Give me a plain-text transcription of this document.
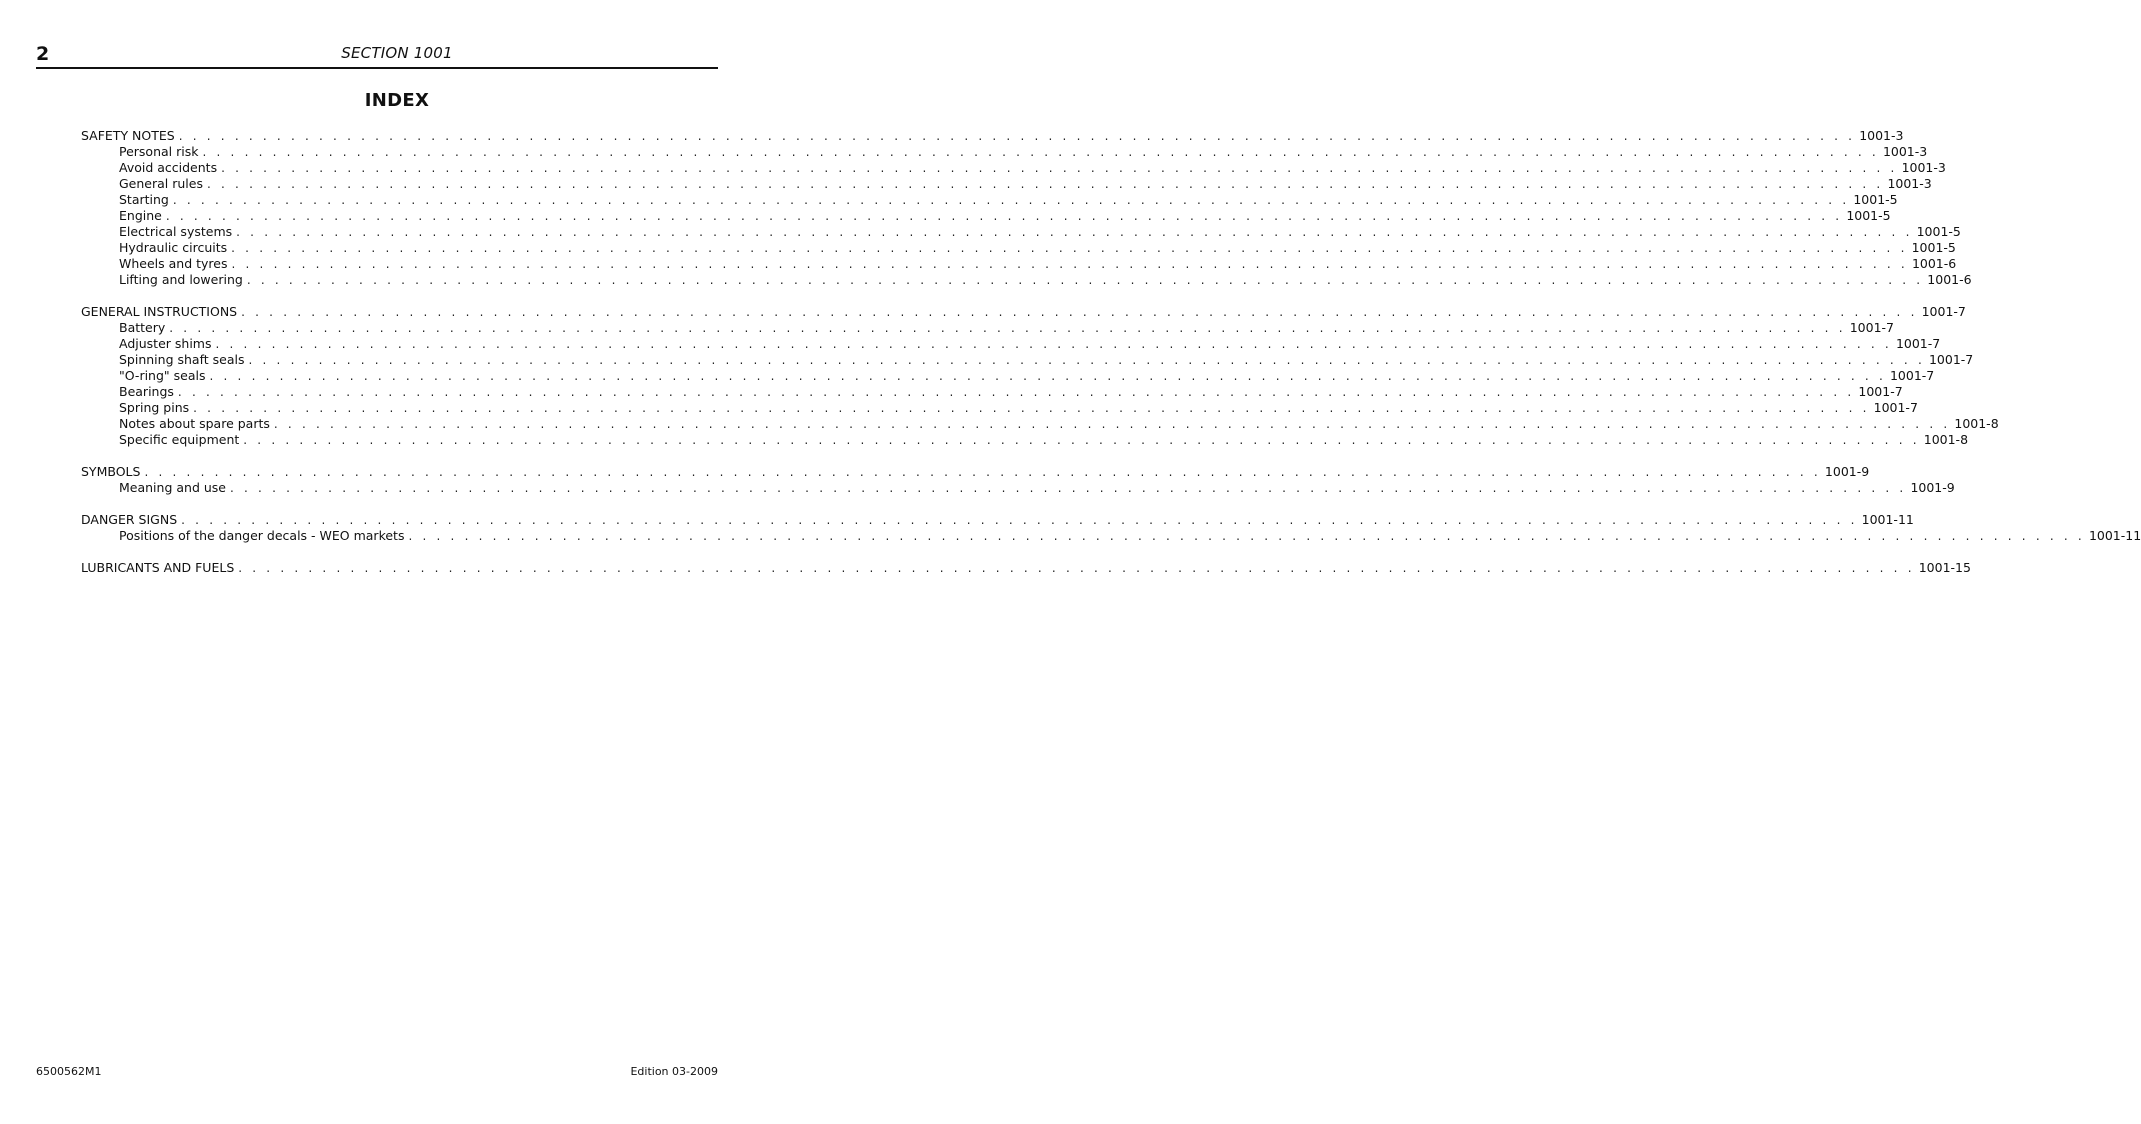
2	SECTION 1001
INDEX
SAFETY NOTES . . . . . . . . . . . . . . . . . . . . . . . . . . . . . . . . . . . . . . . . . . . . . . . . . . . . . . . . . . . . . . . . . . . . . . . . . . . . . . . . . . . . . . . . . . . . . . . . . . . . . . . . . . . . . . . . . . . . . . . . 1001-3
Personal risk . . . . . . . . . . . . . . . . . . . . . . . . . . . . . . . . . . . . . . . . . . . . . . . . . . . . . . . . . . . . . . . . . . . . . . . . . . . . . . . . . . . . . . . . . . . . . . . . . . . . . . . . . . . . . . . . . . . . . . . . 1001-3
Avoid accidents . . . . . . . . . . . . . . . . . . . . . . . . . . . . . . . . . . . . . . . . . . . . . . . . . . . . . . . . . . . . . . . . . . . . . . . . . . . . . . . . . . . . . . . . . . . . . . . . . . . . . . . . . . . . . . . . . . . . . . . . 1001-3
General rules . . . . . . . . . . . . . . . . . . . . . . . . . . . . . . . . . . . . . . . . . . . . . . . . . . . . . . . . . . . . . . . . . . . . . . . . . . . . . . . . . . . . . . . . . . . . . . . . . . . . . . . . . . . . . . . . . . . . . . . . 1001-3
Starting . . . . . . . . . . . . . . . . . . . . . . . . . . . . . . . . . . . . . . . . . . . . . . . . . . . . . . . . . . . . . . . . . . . . . . . . . . . . . . . . . . . . . . . . . . . . . . . . . . . . . . . . . . . . . . . . . . . . . . . . 1001-5
Engine . . . . . . . . . . . . . . . . . . . . . . . . . . . . . . . . . . . . . . . . . . . . . . . . . . . . . . . . . . . . . . . . . . . . . . . . . . . . . . . . . . . . . . . . . . . . . . . . . . . . . . . . . . . . . . . . . . . . . . . . 1001-5
Electrical systems . . . . . . . . . . . . . . . . . . . . . . . . . . . . . . . . . . . . . . . . . . . . . . . . . . . . . . . . . . . . . . . . . . . . . . . . . . . . . . . . . . . . . . . . . . . . . . . . . . . . . . . . . . . . . . . . . . . . . . . . 1001-5
Hydraulic circuits . . . . . . . . . . . . . . . . . . . . . . . . . . . . . . . . . . . . . . . . . . . . . . . . . . . . . . . . . . . . . . . . . . . . . . . . . . . . . . . . . . . . . . . . . . . . . . . . . . . . . . . . . . . . . . . . . . . . . . . . 1001-5
Wheels and tyres . . . . . . . . . . . . . . . . . . . . . . . . . . . . . . . . . . . . . . . . . . . . . . . . . . . . . . . . . . . . . . . . . . . . . . . . . . . . . . . . . . . . . . . . . . . . . . . . . . . . . . . . . . . . . . . . . . . . . . . . 1001-6
Lifting and lowering . . . . . . . . . . . . . . . . . . . . . . . . . . . . . . . . . . . . . . . . . . . . . . . . . . . . . . . . . . . . . . . . . . . . . . . . . . . . . . . . . . . . . . . . . . . . . . . . . . . . . . . . . . . . . . . . . . . . . . . . 1001-6
GENERAL INSTRUCTIONS . . . . . . . . . . . . . . . . . . . . . . . . . . . . . . . . . . . . . . . . . . . . . . . . . . . . . . . . . . . . . . . . . . . . . . . . . . . . . . . . . . . . . . . . . . . . . . . . . . . . . . . . . . . . . . . . . . . . . . . . 1001-7
Battery . . . . . . . . . . . . . . . . . . . . . . . . . . . . . . . . . . . . . . . . . . . . . . . . . . . . . . . . . . . . . . . . . . . . . . . . . . . . . . . . . . . . . . . . . . . . . . . . . . . . . . . . . . . . . . . . . . . . . . . . 1001-7
Adjuster shims . . . . . . . . . . . . . . . . . . . . . . . . . . . . . . . . . . . . . . . . . . . . . . . . . . . . . . . . . . . . . . . . . . . . . . . . . . . . . . . . . . . . . . . . . . . . . . . . . . . . . . . . . . . . . . . . . . . . . . . . 1001-7
Spinning shaft seals . . . . . . . . . . . . . . . . . . . . . . . . . . . . . . . . . . . . . . . . . . . . . . . . . . . . . . . . . . . . . . . . . . . . . . . . . . . . . . . . . . . . . . . . . . . . . . . . . . . . . . . . . . . . . . . . . . . . . . . . 1001-7
"O-ring" seals . . . . . . . . . . . . . . . . . . . . . . . . . . . . . . . . . . . . . . . . . . . . . . . . . . . . . . . . . . . . . . . . . . . . . . . . . . . . . . . . . . . . . . . . . . . . . . . . . . . . . . . . . . . . . . . . . . . . . . . . 1001-7
Bearings . . . . . . . . . . . . . . . . . . . . . . . . . . . . . . . . . . . . . . . . . . . . . . . . . . . . . . . . . . . . . . . . . . . . . . . . . . . . . . . . . . . . . . . . . . . . . . . . . . . . . . . . . . . . . . . . . . . . . . . . 1001-7
Spring pins . . . . . . . . . . . . . . . . . . . . . . . . . . . . . . . . . . . . . . . . . . . . . . . . . . . . . . . . . . . . . . . . . . . . . . . . . . . . . . . . . . . . . . . . . . . . . . . . . . . . . . . . . . . . . . . . . . . . . . . . 1001-7
Notes about spare parts . . . . . . . . . . . . . . . . . . . . . . . . . . . . . . . . . . . . . . . . . . . . . . . . . . . . . . . . . . . . . . . . . . . . . . . . . . . . . . . . . . . . . . . . . . . . . . . . . . . . . . . . . . . . . . . . . . . . . . . . 1001-8
Specific equipment . . . . . . . . . . . . . . . . . . . . . . . . . . . . . . . . . . . . . . . . . . . . . . . . . . . . . . . . . . . . . . . . . . . . . . . . . . . . . . . . . . . . . . . . . . . . . . . . . . . . . . . . . . . . . . . . . . . . . . . . 1001-8
SYMBOLS . . . . . . . . . . . . . . . . . . . . . . . . . . . . . . . . . . . . . . . . . . . . . . . . . . . . . . . . . . . . . . . . . . . . . . . . . . . . . . . . . . . . . . . . . . . . . . . . . . . . . . . . . . . . . . . . . . . . . . . . 1001-9
Meaning and use . . . . . . . . . . . . . . . . . . . . . . . . . . . . . . . . . . . . . . . . . . . . . . . . . . . . . . . . . . . . . . . . . . . . . . . . . . . . . . . . . . . . . . . . . . . . . . . . . . . . . . . . . . . . . . . . . . . . . . . . 1001-9
DANGER SIGNS . . . . . . . . . . . . . . . . . . . . . . . . . . . . . . . . . . . . . . . . . . . . . . . . . . . . . . . . . . . . . . . . . . . . . . . . . . . . . . . . . . . . . . . . . . . . . . . . . . . . . . . . . . . . . . . . . . . . . . . . 1001-11
Positions of the danger decals - WEO markets . . . . . . . . . . . . . . . . . . . . . . . . . . . . . . . . . . . . . . . . . . . . . . . . . . . . . . . . . . . . . . . . . . . . . . . . . . . . . . . . . . . . . . . . . . . . . . . . . . . . . . . . . . . . . . . . . . . . . . . . 1001-11
LUBRICANTS AND FUELS . . . . . . . . . . . . . . . . . . . . . . . . . . . . . . . . . . . . . . . . . . . . . . . . . . . . . . . . . . . . . . . . . . . . . . . . . . . . . . . . . . . . . . . . . . . . . . . . . . . . . . . . . . . . . . . . . . . . . . . . 1001-15
6500562M1	Edition 03-2009
